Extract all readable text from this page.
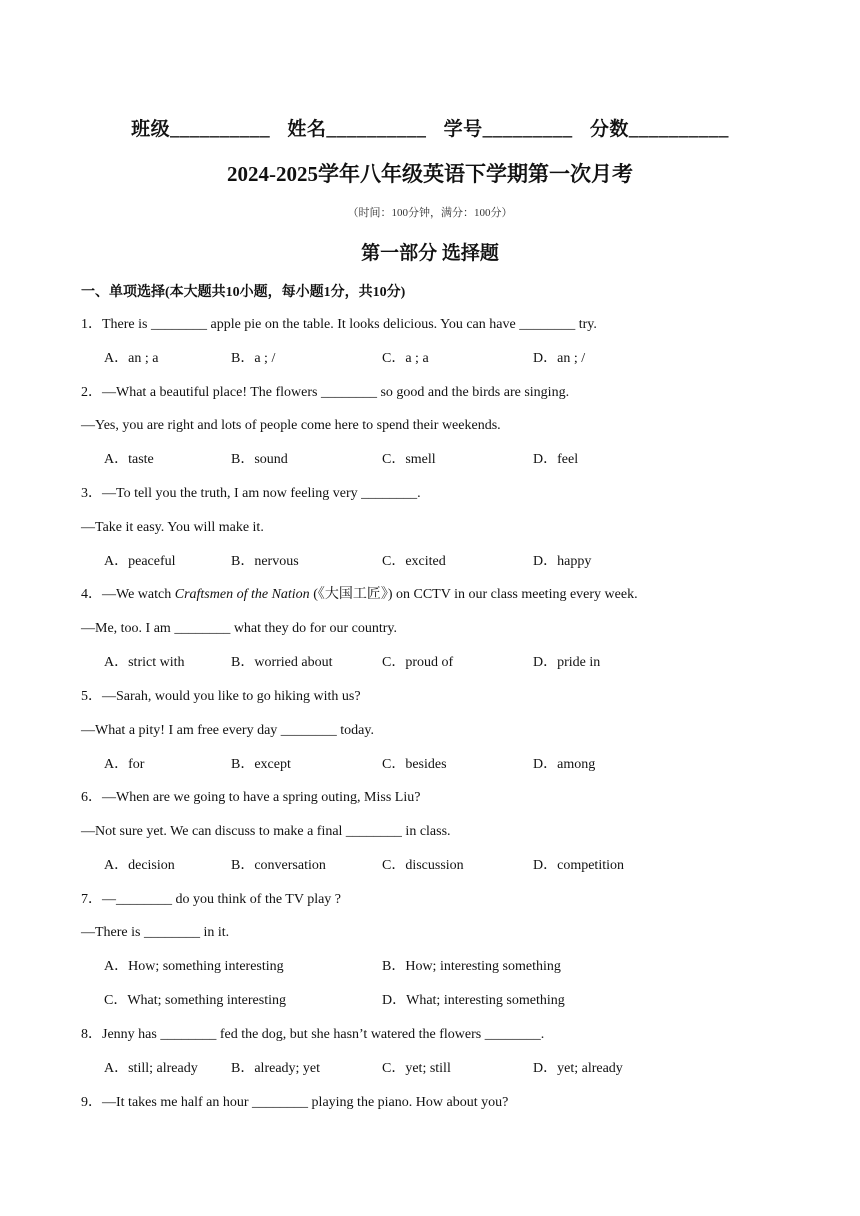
班级__________ 姓名__________ 学号_________ 分数__________
2024-2025学年八年级英语下学期第一次月考
（时间：100分钟，满分：100分）
第一部分 选择题
一、单项选择(本大题共10小题，每小题1分，共10分)
1．There is ________ apple pie on the table. It looks delicious. You can have ________ try.
A．an ; a	B．a ; /	C．a ; a	D．an ; /
2．—What a beautiful place! The flowers ________ so good and the birds are singing.
—Yes, you are right and lots of people come here to spend their weekends.
A．taste	B．sound	C．smell	D．feel
3．—To tell you the truth, I am now feeling very ________.
—Take it easy. You will make it.
A．peaceful	B．nervous	C．excited	D．happy
4．—We watch Craftsmen of the Nation (《大国工匠》) on CCTV in our class meeting every week.
—Me, too. I am ________ what they do for our country.
A．strict with	B．worried about	C．proud of	D．pride in
5．—Sarah, would you like to go hiking with us?
—What a pity! I am free every day ________ today.
A．for	B．except	C．besides	D．among
6．—When are we going to have a spring outing, Miss Liu?
—Not sure yet. We can discuss to make a final ________ in class.
A．decision	B．conversation	C．discussion	D．competition
7．—________ do you think of the TV play ?
—There is ________ in it.
A．How; something interesting	B．How; interesting something
C．What; something interesting	D．What; interesting something
8．Jenny has ________ fed the dog, but she hasn’t watered the flowers ________.
A．still; already B．already; yet	C．yet; still	D．yet; already
9．—It takes me half an hour ________ playing the piano. How about you?
